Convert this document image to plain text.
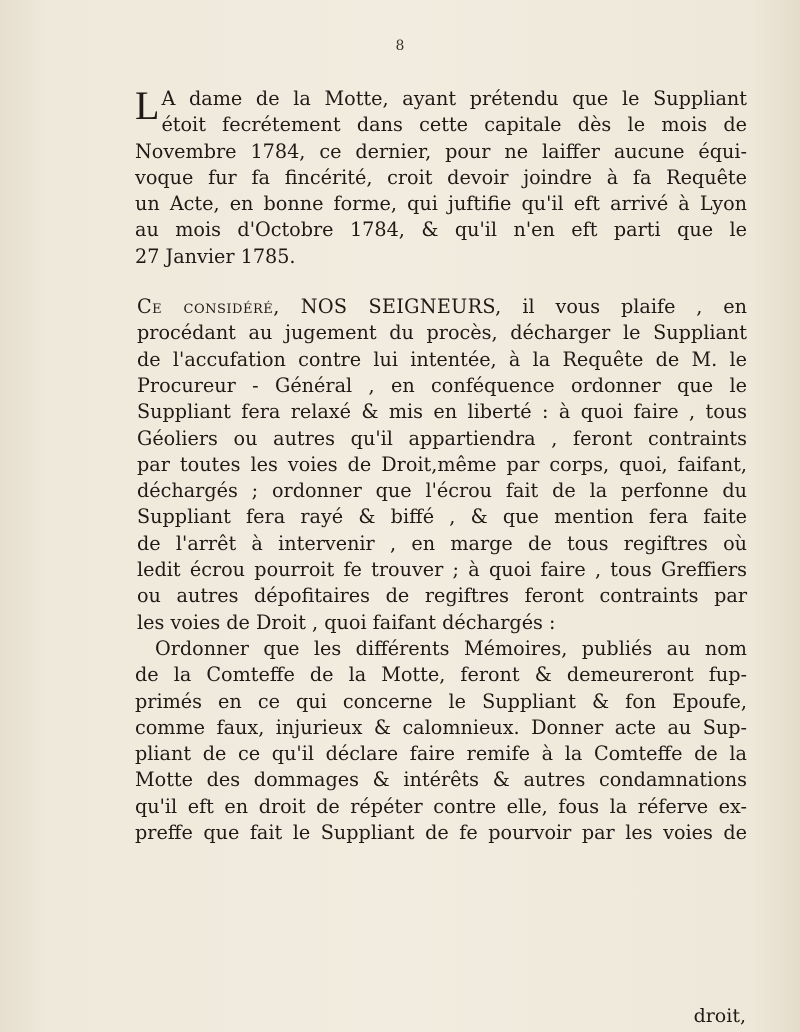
8

L A dame de la Motte, ayant prétendu que le Suppliant
étoit fecrétement dans cette capitale dès le mois de
Novembre 1784, ce dernier, pour ne laiffer aucune équi-
voque fur fa fincérité, croit devoir joindre à fa Requête
un Acte, en bonne forme, qui juftifie qu'il eft arrivé à Lyon
au mois d'Octobre 1784, & qu'il n'en eft parti que le
27 Janvier 1785.

Ce considéré, NOS SEIGNEURS, il vous plaife , en
procédant au jugement du procès, décharger le Suppliant
de l'accufation contre lui intentée, à la Requête de M. le
Procureur - Général , en conféquence ordonner que le
Suppliant fera relaxé & mis en liberté : à quoi faire , tous
Géoliers ou autres qu'il appartiendra , feront contraints
par toutes les voies de Droit,même par corps, quoi, faifant,
déchargés ; ordonner que l'écrou fait de la perfonne du
Suppliant fera rayé & biffé , & que mention fera faite
de l'arrêt à intervenir , en marge de tous regiftres où
ledit écrou pourroit fe trouver ; à quoi faire , tous Greffiers
ou autres dépofitaires de regiftres feront contraints par
les voies de Droit , quoi faifant déchargés :

Ordonner que les différents Mémoires, publiés au nom
de la Comteffe de la Motte, feront & demeureront fup-
primés en ce qui concerne le Suppliant & fon Epoufe,
comme faux, injurieux & calomnieux. Donner acte au Sup-
pliant de ce qu'il déclare faire remife à la Comteffe de la
Motte des dommages & intérêts & autres condamnations
qu'il eft en droit de répéter contre elle, fous la réferve ex-
preffe que fait le Suppliant de fe pourvoir par les voies de

droit,
